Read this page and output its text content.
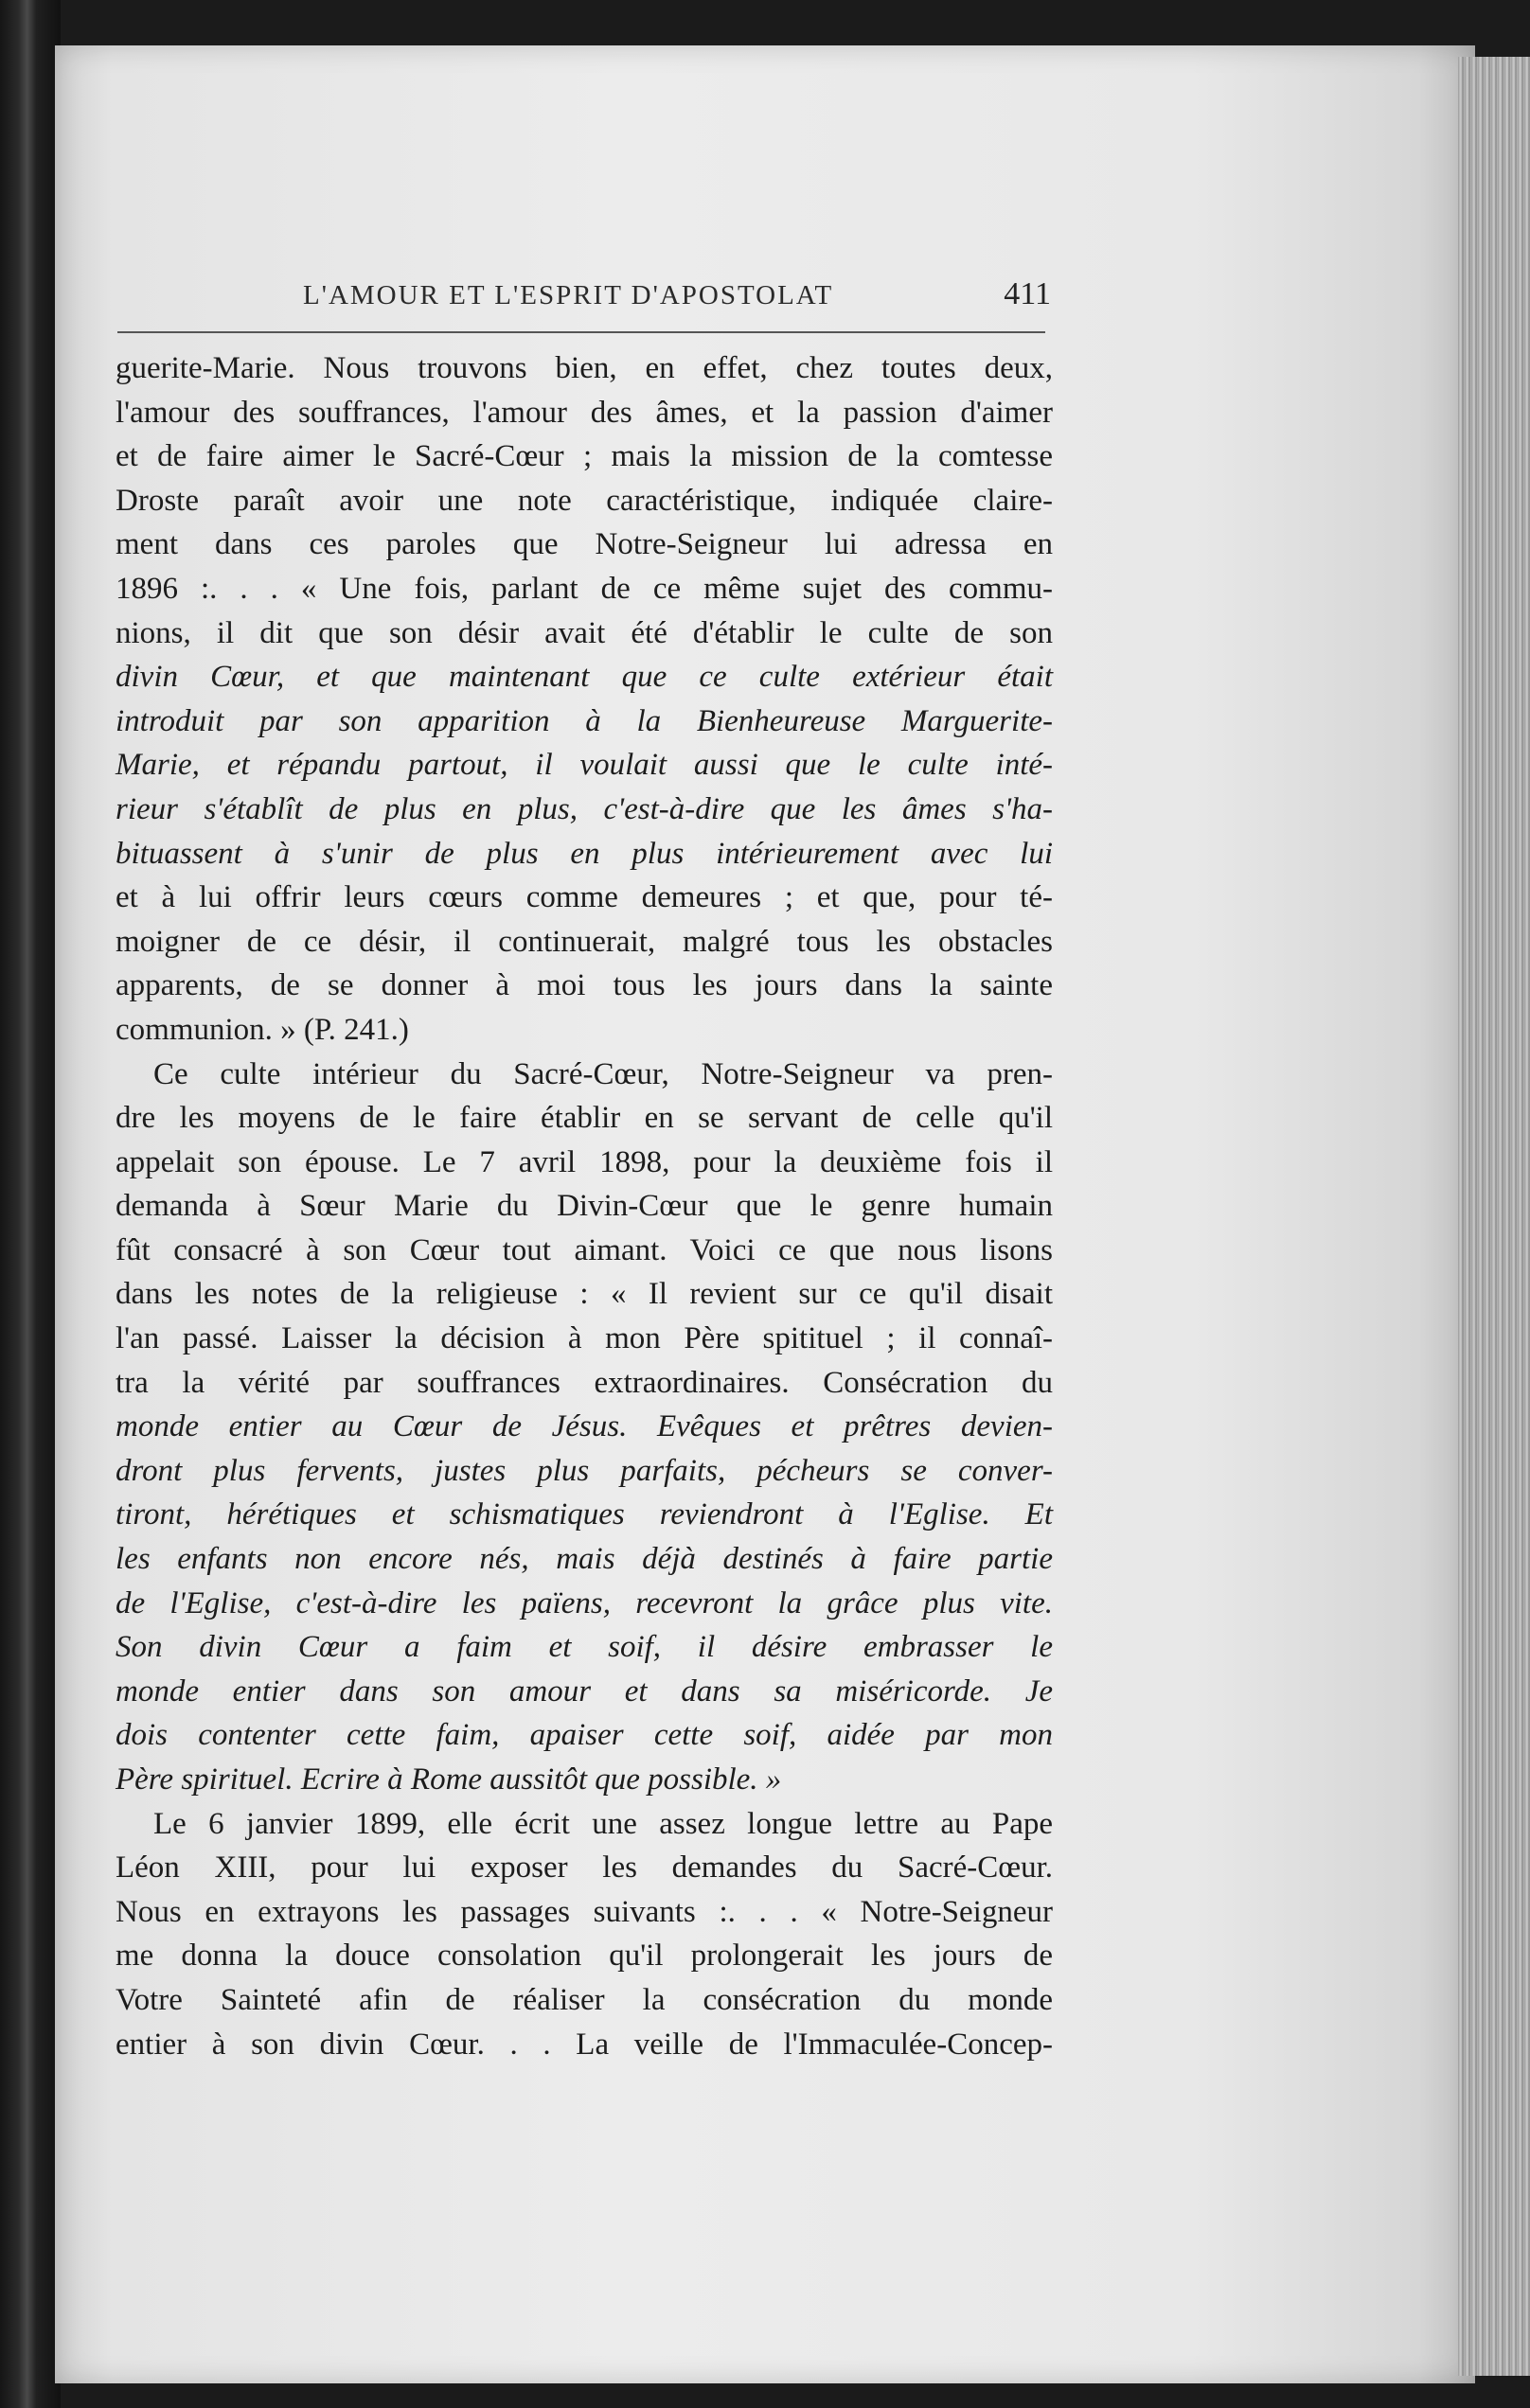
L'AMOUR ET L'ESPRIT D'APOSTOLAT	411
guerite-Marie. Nous trouvons bien, en effet, chez toutes deux,
l'amour des souffrances, l'amour des âmes, et la passion d'aimer
et de faire aimer le Sacré-Cœur ; mais la mission de la comtesse
Droste paraît avoir une note caractéristique, indiquée claire-
ment dans ces paroles que Notre-Seigneur lui adressa en
1896 :. . . « Une fois, parlant de ce même sujet des commu-
nions, il dit que son désir avait été d'établir le culte de son
divin Cœur, et que maintenant que ce culte extérieur était
introduit par son apparition à la Bienheureuse Marguerite-
Marie, et répandu partout, il voulait aussi que le culte inté-
rieur s'établît de plus en plus, c'est-à-dire que les âmes s'ha-
bituassent à s'unir de plus en plus intérieurement avec lui
et à lui offrir leurs cœurs comme demeures ; et que, pour té-
moigner de ce désir, il continuerait, malgré tous les obstacles
apparents, de se donner à moi tous les jours dans la sainte
communion. » (P. 241.)
Ce culte intérieur du Sacré-Cœur, Notre-Seigneur va pren-
dre les moyens de le faire établir en se servant de celle qu'il
appelait son épouse. Le 7 avril 1898, pour la deuxième fois il
demanda à Sœur Marie du Divin-Cœur que le genre humain
fût consacré à son Cœur tout aimant. Voici ce que nous lisons
dans les notes de la religieuse : « Il revient sur ce qu'il disait
l'an passé. Laisser la décision à mon Père spitituel ; il connaî-
tra la vérité par souffrances extraordinaires. Consécration du
monde entier au Cœur de Jésus. Evêques et prêtres devien-
dront plus fervents, justes plus parfaits, pécheurs se conver-
tiront, hérétiques et schismatiques reviendront à l'Eglise. Et
les enfants non encore nés, mais déjà destinés à faire partie
de l'Eglise, c'est-à-dire les païens, recevront la grâce plus vite.
Son divin Cœur a faim et soif, il désire embrasser le
monde entier dans son amour et dans sa miséricorde. Je
dois contenter cette faim, apaiser cette soif, aidée par mon
Père spirituel. Ecrire à Rome aussitôt que possible. »
Le 6 janvier 1899, elle écrit une assez longue lettre au Pape
Léon XIII, pour lui exposer les demandes du Sacré-Cœur.
Nous en extrayons les passages suivants :. . . « Notre-Seigneur
me donna la douce consolation qu'il prolongerait les jours de
Votre Sainteté afin de réaliser la consécration du monde
entier à son divin Cœur. . . La veille de l'Immaculée-Concep-
